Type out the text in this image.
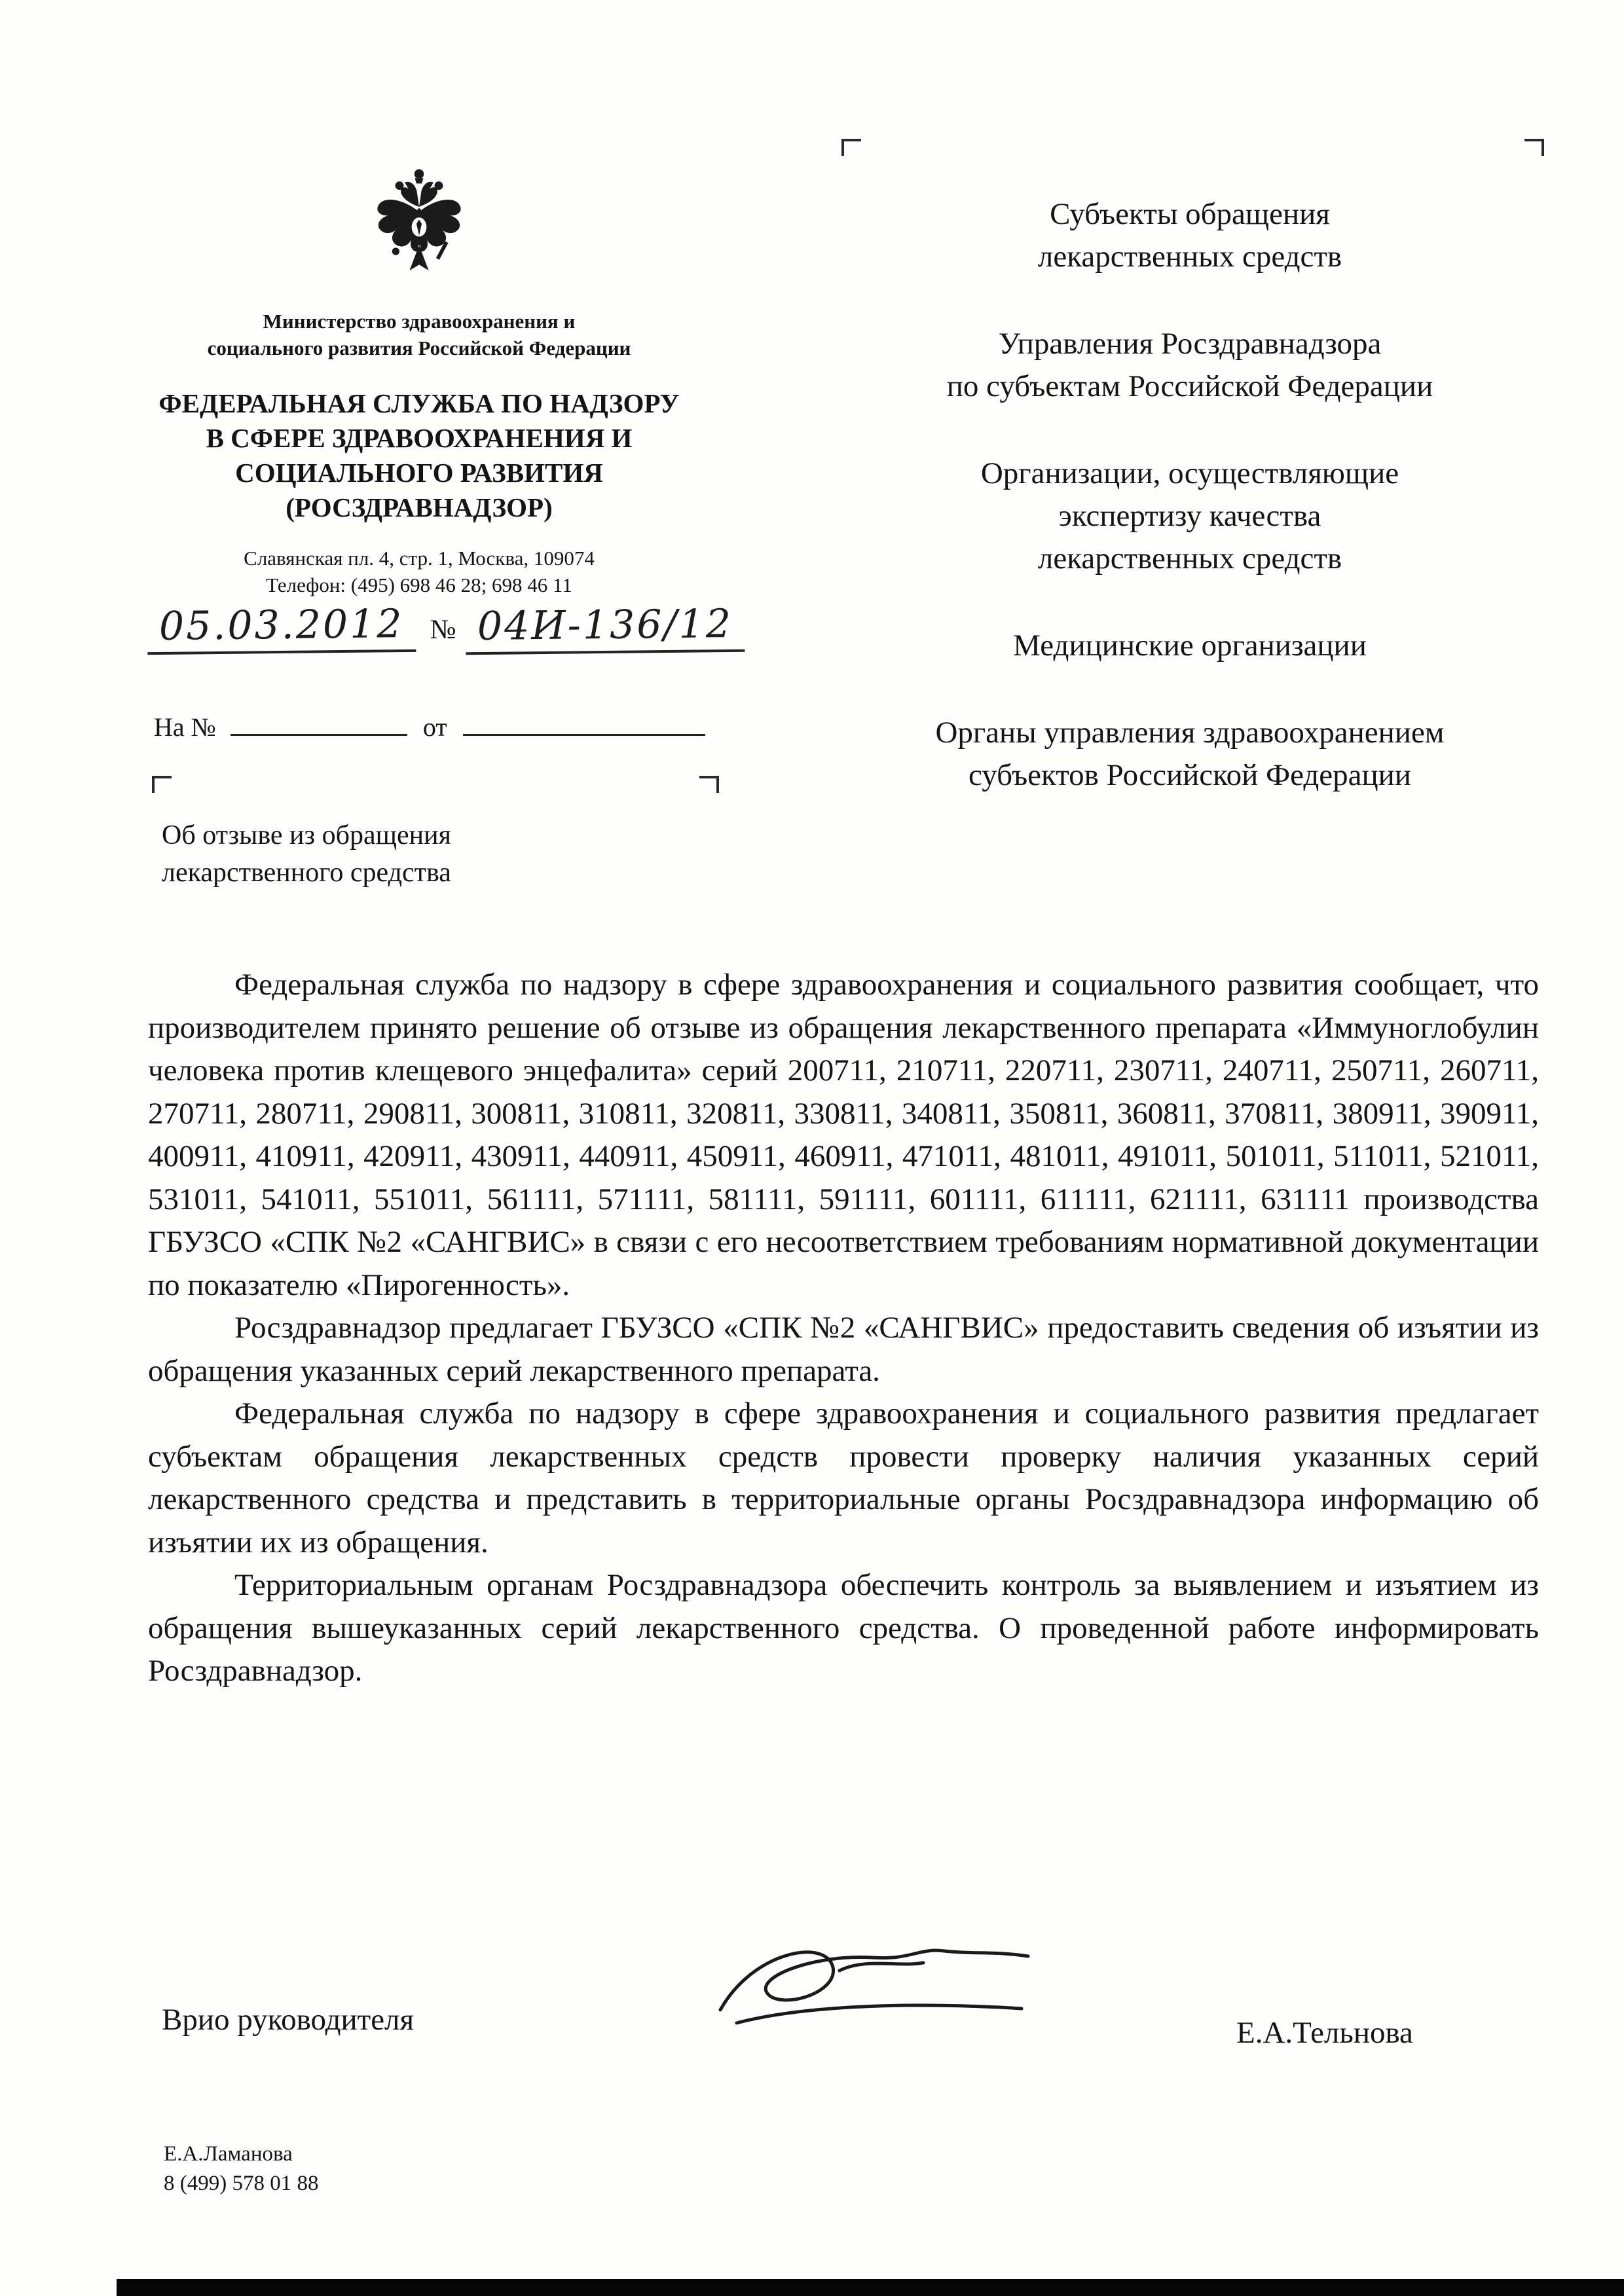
Министерство здравоохранения и
социального развития Российской Федерации
ФЕДЕРАЛЬНАЯ СЛУЖБА ПО НАДЗОРУ
В СФЕРЕ ЗДРАВООХРАНЕНИЯ И
СОЦИАЛЬНОГО РАЗВИТИЯ
(РОСЗДРАВНАДЗОР)
Славянская пл. 4, стр. 1, Москва, 109074
Телефон: (495) 698 46 28; 698 46 11
05.03.2012 № 04И-136/12
На №	от
Об отзыве из обращения
лекарственного средства
Субъекты обращения
лекарственных средств
Управления Росздравнадзора
по субъектам Российской Федерации
Организации, осуществляющие
экспертизу качества
лекарственных средств
Медицинские организации
Органы управления здравоохранением
субъектов Российской Федерации

Федеральная служба по надзору в сфере здравоохранения и социального развития сообщает, что производителем принято решение об отзыве из обращения лекарственного препарата «Иммуноглобулин человека против клещевого энцефалита» серий 200711, 210711, 220711, 230711, 240711, 250711, 260711, 270711, 280711, 290811, 300811, 310811, 320811, 330811, 340811, 350811, 360811, 370811, 380911, 390911, 400911, 410911, 420911, 430911, 440911, 450911, 460911, 471011, 481011, 491011, 501011, 511011, 521011, 531011, 541011, 551011, 561111, 571111, 581111, 591111, 601111, 611111, 621111, 631111 производства ГБУЗСО «СПК №2 «САНГВИС» в связи с его несоответствием требованиям нормативной документации по показателю «Пирогенность».

Росздравнадзор предлагает ГБУЗСО «СПК №2 «САНГВИС» предоставить сведения об изъятии из обращения указанных серий лекарственного препарата.

Федеральная служба по надзору в сфере здравоохранения и социального развития предлагает субъектам обращения лекарственных средств провести проверку наличия указанных серий лекарственного средства и представить в территориальные органы Росздравнадзора информацию об изъятии их из обращения.

Территориальным органам Росздравнадзора обеспечить контроль за выявлением и изъятием из обращения вышеуказанных серий лекарственного средства. О проведенной работе информировать Росздравнадзор.

Врио руководителя	Е.А.Тельнова
Е.А.Ламанова
8 (499) 578 01 88
